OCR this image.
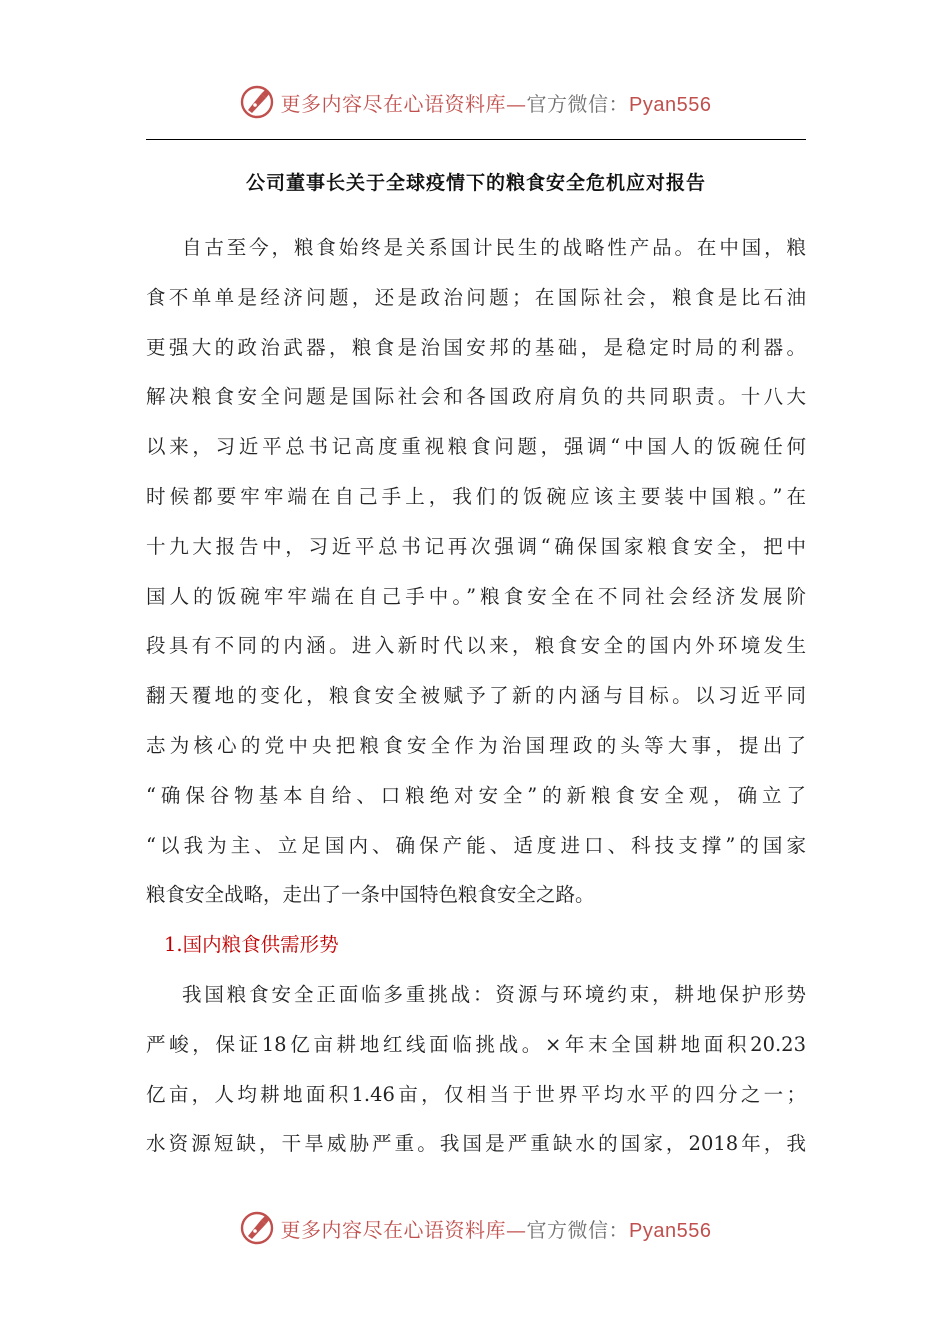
更多内容尽在心语资料库—官方微信：Pyan556
公司董事长关于全球疫情下的粮食安全危机应对报告
自古至今，粮食始终是关系国计民生的战略性产品。在中国，粮
食不单单是经济问题，还是政治问题；在国际社会，粮食是比石油
更强大的政治武器，粮食是治国安邦的基础，是稳定时局的利器。
解决粮食安全问题是国际社会和各国政府肩负的共同职责。十八大
以来，习近平总书记高度重视粮食问题，强调“中国人的饭碗任何
时候都要牢牢端在自己手上，我们的饭碗应该主要装中国粮。”在
十九大报告中，习近平总书记再次强调“确保国家粮食安全，把中
国人的饭碗牢牢端在自己手中。”粮食安全在不同社会经济发展阶
段具有不同的内涵。进入新时代以来，粮食安全的国内外环境发生
翻天覆地的变化，粮食安全被赋予了新的内涵与目标。以习近平同
志为核心的党中央把粮食安全作为治国理政的头等大事，提出了
“确保谷物基本自给、口粮绝对安全”的新粮食安全观，确立了
“以我为主、立足国内、确保产能、适度进口、科技支撑”的国家
粮食安全战略，走出了一条中国特色粮食安全之路。
1.国内粮食供需形势
我国粮食安全正面临多重挑战：资源与环境约束，耕地保护形势
严峻，保证18亿亩耕地红线面临挑战。×年末全国耕地面积20.23
亿亩，人均耕地面积1.46亩，仅相当于世界平均水平的四分之一；
水资源短缺，干旱威胁严重。我国是严重缺水的国家，2018年，我
更多内容尽在心语资料库—官方微信：Pyan556
